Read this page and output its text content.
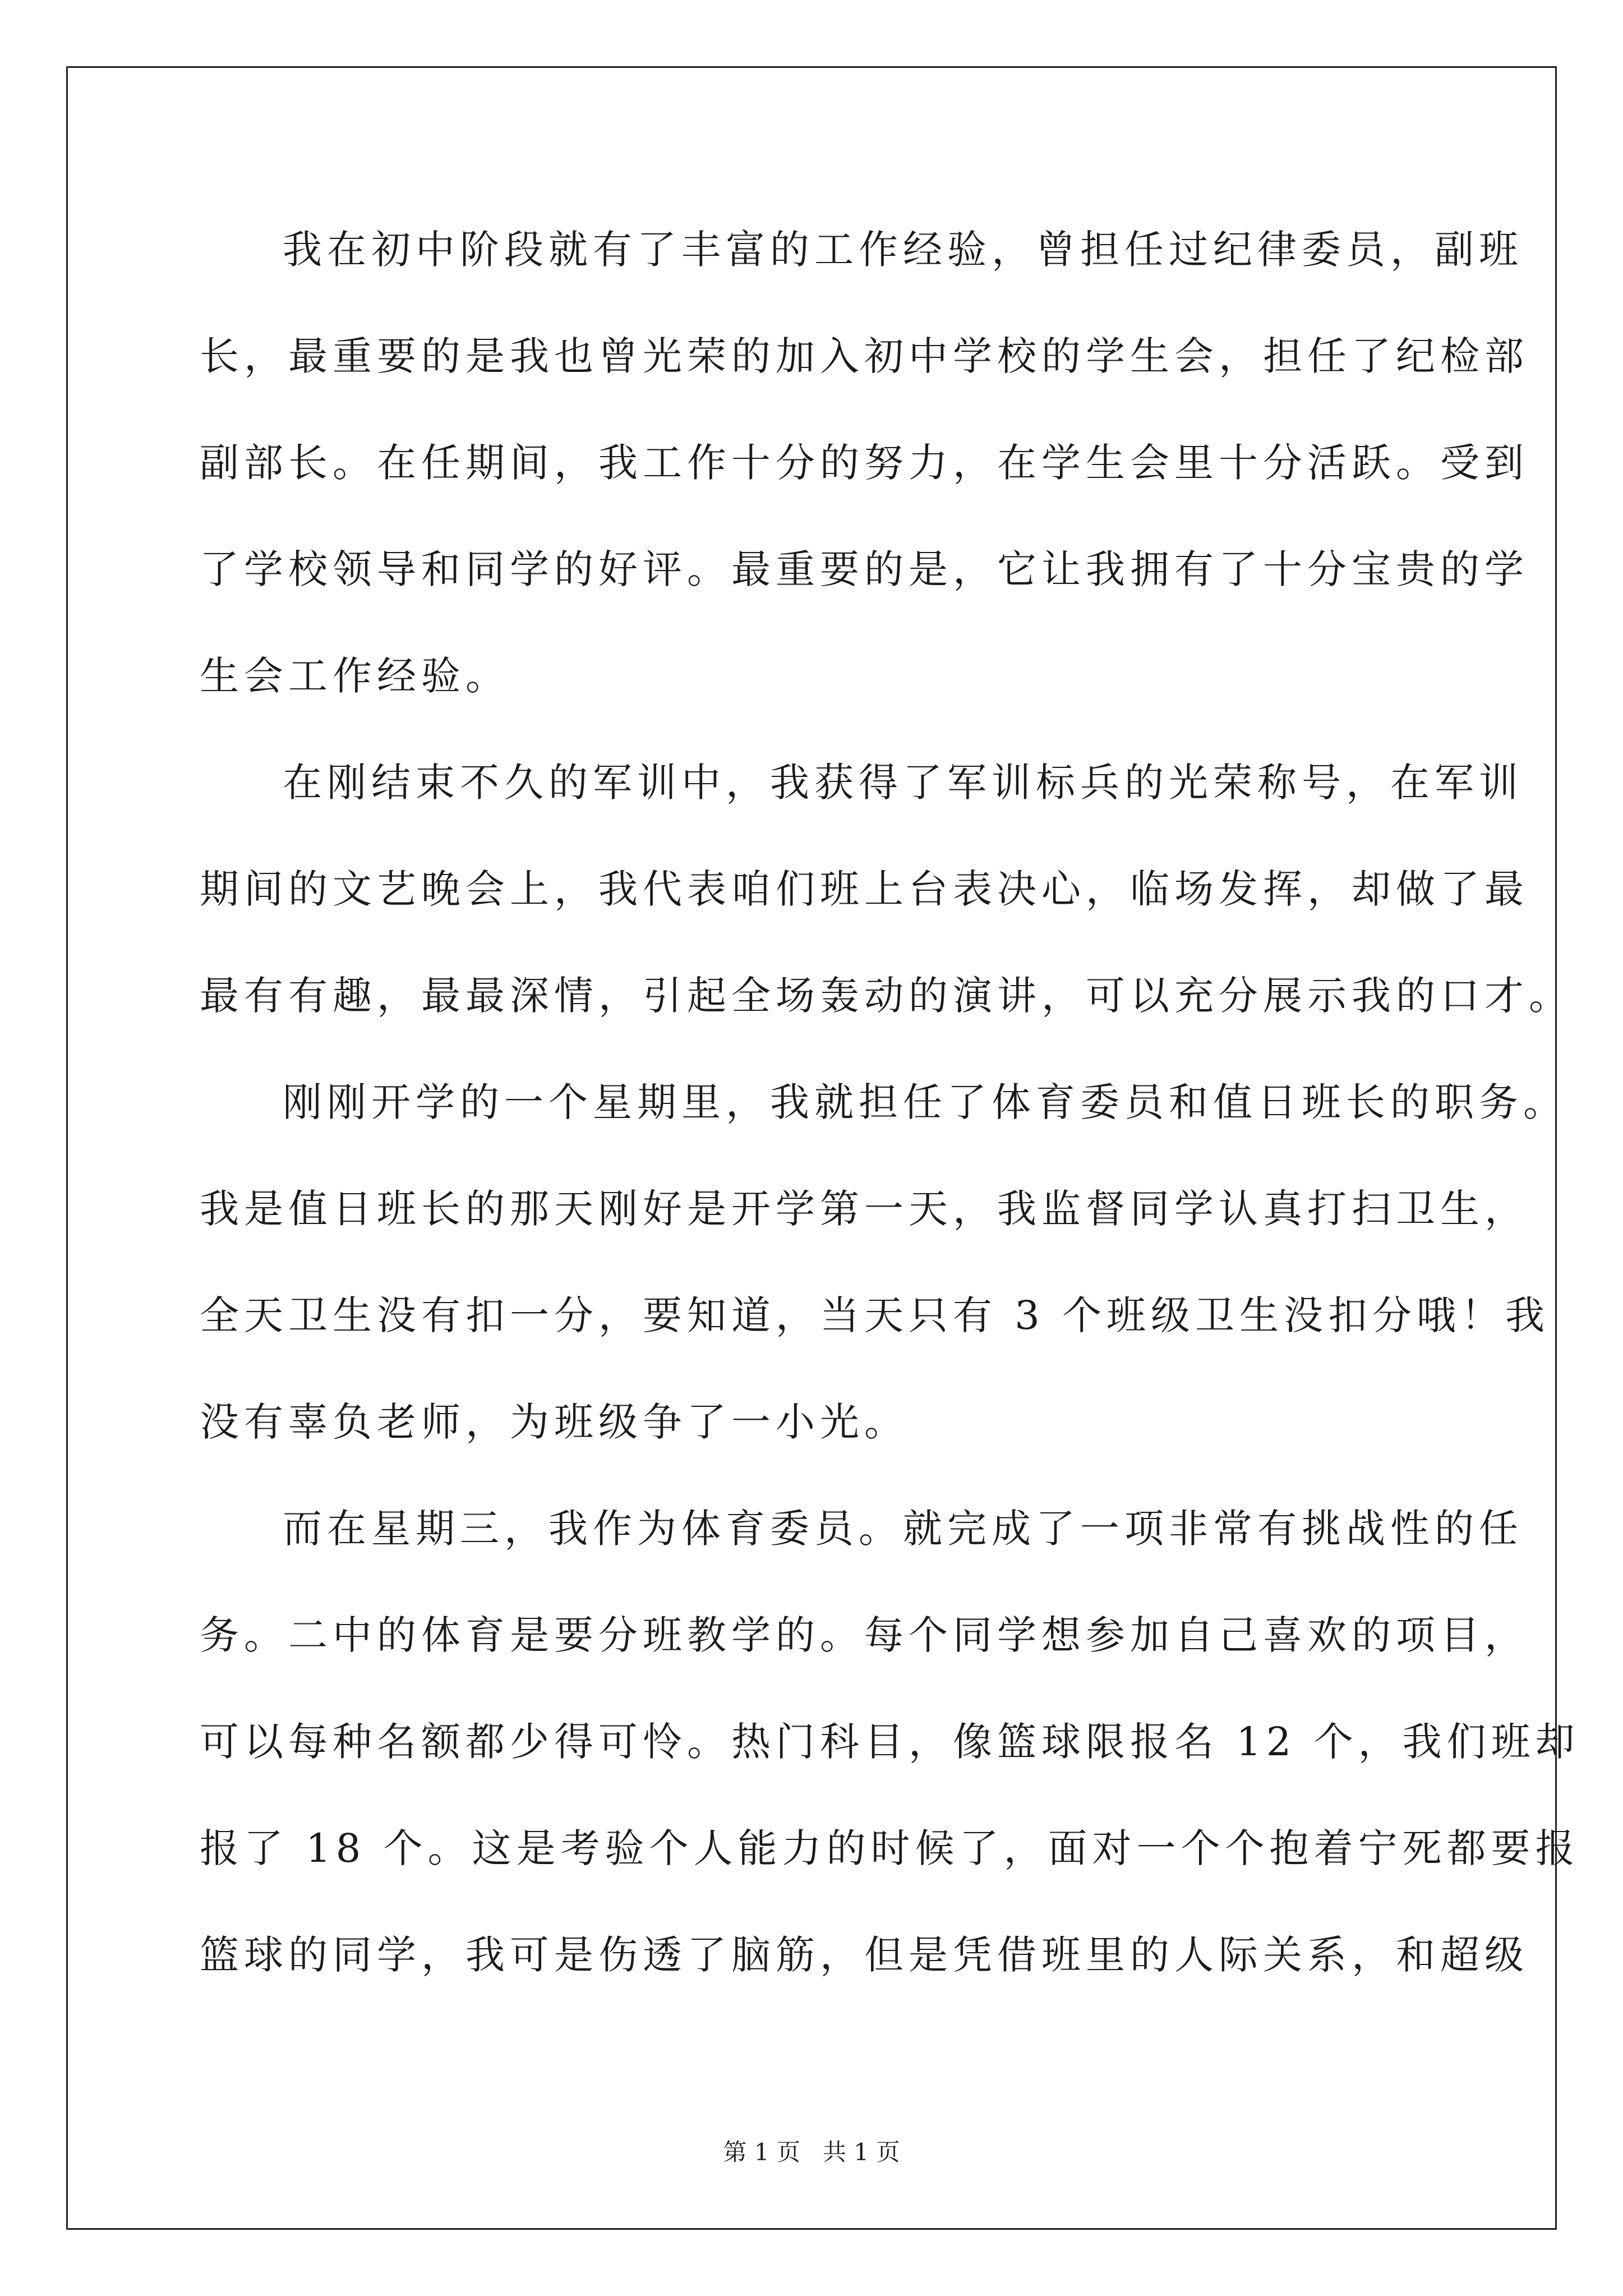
我在初中阶段就有了丰富的工作经验，曾担任过纪律委员，副班
长，最重要的是我也曾光荣的加入初中学校的学生会，担任了纪检部
副部长。在任期间，我工作十分的努力，在学生会里十分活跃。受到
了学校领导和同学的好评。最重要的是，它让我拥有了十分宝贵的学
生会工作经验。
在刚结束不久的军训中，我获得了军训标兵的光荣称号，在军训
期间的文艺晚会上，我代表咱们班上台表决心，临场发挥，却做了最
最有有趣，最最深情，引起全场轰动的演讲，可以充分展示我的口才。
刚刚开学的一个星期里，我就担任了体育委员和值日班长的职务。
我是值日班长的那天刚好是开学第一天，我监督同学认真打扫卫生，
全天卫生没有扣一分，要知道，当天只有 3 个班级卫生没扣分哦！我
没有辜负老师，为班级争了一小光。
而在星期三，我作为体育委员。就完成了一项非常有挑战性的任
务。二中的体育是要分班教学的。每个同学想参加自己喜欢的项目，
可以每种名额都少得可怜。热门科目，像篮球限报名 12 个，我们班却
报了 18 个。这是考验个人能力的时候了，面对一个个抱着宁死都要报
篮球的同学，我可是伤透了脑筋，但是凭借班里的人际关系，和超级
第 1 页   共 1 页
